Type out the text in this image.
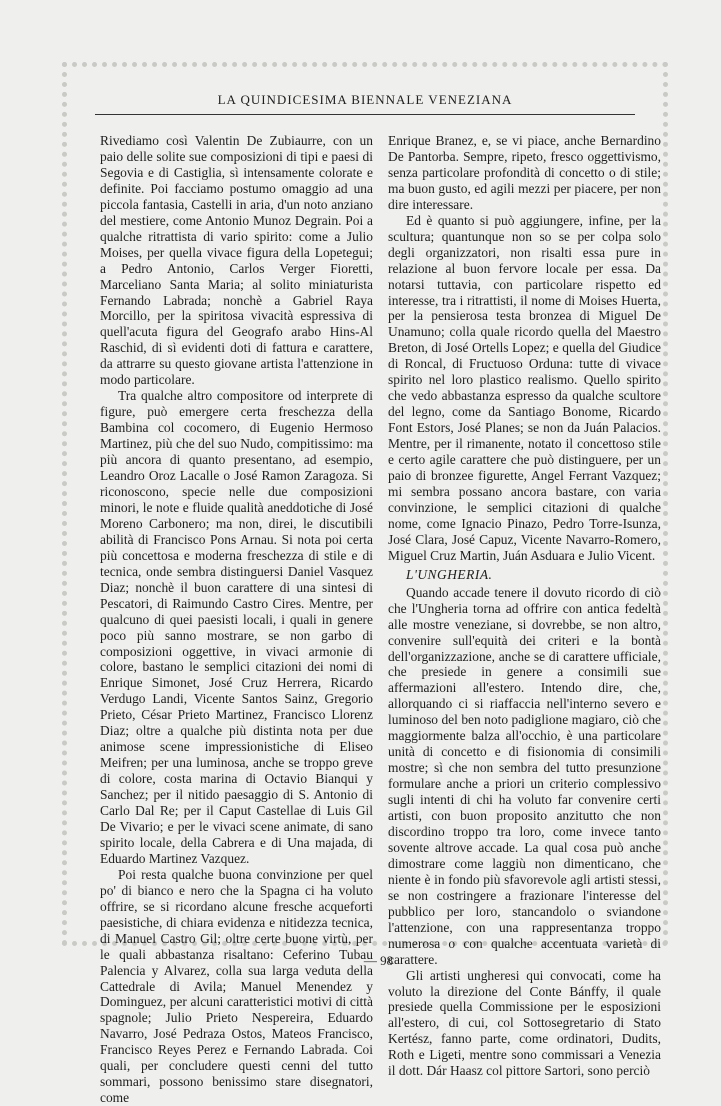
LA QUINDICESIMA BIENNALE VENEZIANA

Rivediamo così Valentin De Zubiaurre, con un paio delle solite sue composizioni di tipi e paesi di Segovia e di Castiglia, sì intensamente colorate e definite. Poi facciamo postumo omaggio ad una piccola fantasia, Castelli in aria, d'un noto anziano del mestiere, come Antonio Munoz Degrain. Poi a qualche ritrattista di vario spirito: come a Julio Moises, per quella vivace figura della Lopetegui; a Pedro Antonio, Carlos Verger Fioretti, Marceliano Santa Maria; al solito miniaturista Fernando Labrada; nonchè a Gabriel Raya Morcillo, per la spiritosa vivacità espressiva di quell'acuta figura del Geografo arabo Hins-Al Raschid, di sì evidenti doti di fattura e carattere, da attrarre su questo giovane artista l'attenzione in modo particolare.

Tra qualche altro compositore od interprete di figure, può emergere certa freschezza della Bambina col cocomero, di Eugenio Hermoso Martinez, più che del suo Nudo, compitissimo: ma più ancora di quanto presentano, ad esempio, Leandro Oroz Lacalle o José Ramon Zaragoza. Si riconoscono, specie nelle due composizioni minori, le note e fluide qualità aneddotiche di José Moreno Carbonero; ma non, direi, le discutibili abilità di Francisco Pons Arnau. Si nota poi certa più concettosa e moderna freschezza di stile e di tecnica, onde sembra distinguersi Daniel Vasquez Diaz; nonchè il buon carattere di una sintesi di Pescatori, di Raimundo Castro Cires. Mentre, per qualcuno di quei paesisti locali, i quali in genere poco più sanno mostrare, se non garbo di composizioni oggettive, in vivaci armonie di colore, bastano le semplici citazioni dei nomi di Enrique Simonet, José Cruz Herrera, Ricardo Verdugo Landi, Vicente Santos Sainz, Gregorio Prieto, César Prieto Martinez, Francisco Llorenz Diaz; oltre a qualche più distinta nota per due animose scene impressionistiche di Eliseo Meifren; per una luminosa, anche se troppo greve di colore, costa marina di Octavio Bianqui y Sanchez; per il nitido paesaggio di S. Antonio di Carlo Dal Re; per il Caput Castellae di Luis Gil De Vivario; e per le vivaci scene animate, di sano spirito locale, della Cabrera e di Una majada, di Eduardo Martinez Vazquez.

Poi resta qualche buona convinzione per quel po' di bianco e nero che la Spagna ci ha voluto offrire, se si ricordano alcune fresche acqueforti paesistiche, di chiara evidenza e nitidezza tecnica, di Manuel Castro Gil; oltre certe buone virtù, per le quali abbastanza risaltano: Ceferino Tubau Palencia y Alvarez, colla sua larga veduta della Cattedrale di Avila; Manuel Menendez y Dominguez, per alcuni caratteristici motivi di città spagnole; Julio Prieto Nespereira, Eduardo Navarro, José Pedraza Ostos, Mateos Francisco, Francisco Reyes Perez e Fernando Labrada. Coi quali, per concludere questi cenni del tutto sommari, possono benissimo stare disegnatori, come

Enrique Branez, e, se vi piace, anche Bernardino De Pantorba. Sempre, ripeto, fresco oggettivismo, senza particolare profondità di concetto o di stile; ma buon gusto, ed agili mezzi per piacere, per non dire interessare.

Ed è quanto si può aggiungere, infine, per la scultura; quantunque non so se per colpa solo degli organizzatori, non risalti essa pure in relazione al buon fervore locale per essa. Da notarsi tuttavia, con particolare rispetto ed interesse, tra i ritrattisti, il nome di Moises Huerta, per la pensierosa testa bronzea di Miguel De Unamuno; colla quale ricordo quella del Maestro Breton, di José Ortells Lopez; e quella del Giudice di Roncal, di Fructuoso Orduna: tutte di vivace spirito nel loro plastico realismo. Quello spirito che vedo abbastanza espresso da qualche scultore del legno, come da Santiago Bonome, Ricardo Font Estors, José Planes; se non da Juán Palacios. Mentre, per il rimanente, notato il concettoso stile e certo agile carattere che può distinguere, per un paio di bronzee figurette, Angel Ferrant Vazquez; mi sembra possano ancora bastare, con varia convinzione, le semplici citazioni di qualche nome, come Ignacio Pinazo, Pedro Torre-Isunza, José Clara, José Capuz, Vicente Navarro-Romero, Miguel Cruz Martin, Juán Asduara e Julio Vicent.

L'UNGHERIA.

Quando accade tenere il dovuto ricordo di ciò che l'Ungheria torna ad offrire con antica fedeltà alle mostre veneziane, si dovrebbe, se non altro, convenire sull'equità dei criteri e la bontà dell'organizzazione, anche se di carattere ufficiale, che presiede in genere a consimili sue affermazioni all'estero. Intendo dire, che, allorquando ci si riaffaccia nell'interno severo e luminoso del ben noto padiglione magiaro, ciò che maggiormente balza all'occhio, è una particolare unità di concetto e di fisionomia di consimili mostre; sì che non sembra del tutto presunzione formulare anche a priori un criterio complessivo sugli intenti di chi ha voluto far convenire certi artisti, con buon proposito anzitutto che non discordino troppo tra loro, come invece tanto sovente altrove accade. La qual cosa può anche dimostrare come laggiù non dimenticano, che niente è in fondo più sfavorevole agli artisti stessi, se non costringere a frazionare l'interesse del pubblico per loro, stancandolo o sviandone l'attenzione, con una rappresentanza troppo numerosa o con qualche accentuata varietà di carattere.

Gli artisti ungheresi qui convocati, come ha voluto la direzione del Conte Bánffy, il quale presiede quella Commissione per le esposizioni all'estero, di cui, col Sottosegretario di Stato Kertész, fanno parte, come ordinatori, Dudits, Roth e Ligeti, mentre sono commissari a Venezia il dott. Dár Haasz col pittore Sartori, sono perciò

— 98
